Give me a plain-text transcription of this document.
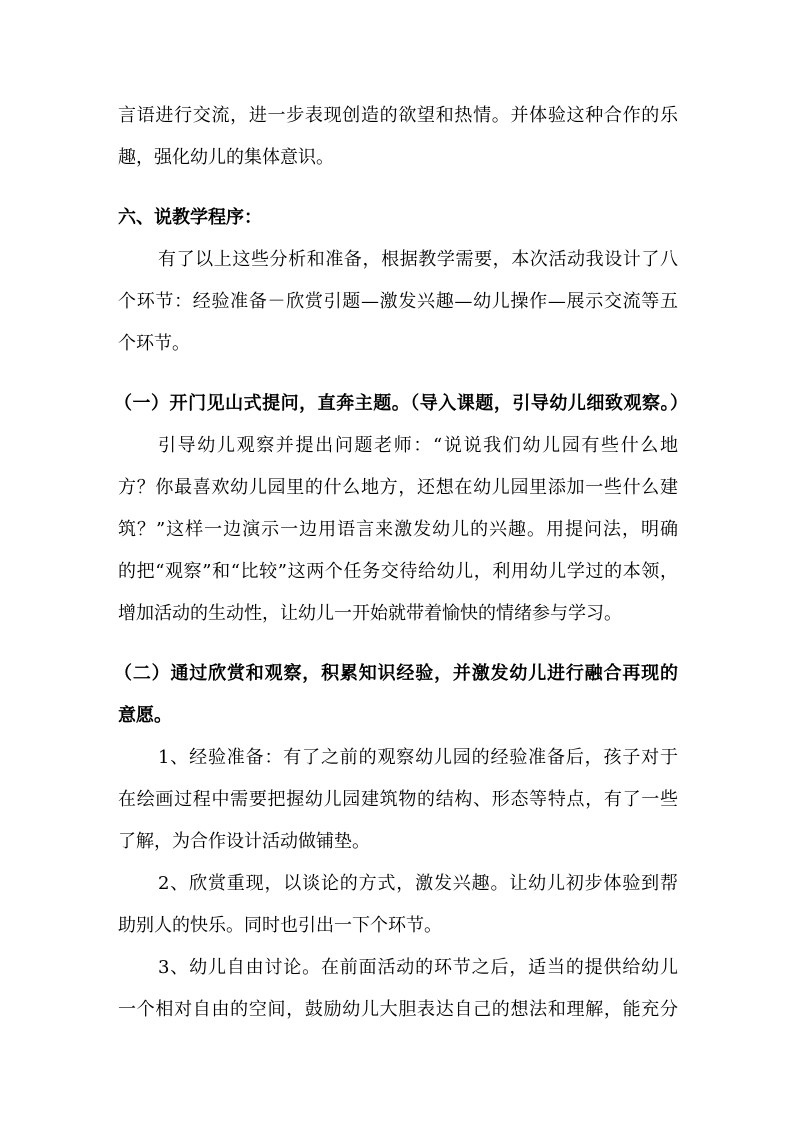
言语进行交流，进一步表现创造的欲望和热情。并体验这种合作的乐
趣，强化幼儿的集体意识。
六、说教学程序：
有了以上这些分析和准备，根据教学需要，本次活动我设计了八
个环节：经验准备－欣赏引题—激发兴趣—幼儿操作—展示交流等五
个环节。
（一）开门见山式提问，直奔主题。（导入课题，引导幼儿细致观察。）
引导幼儿观察并提出问题老师：“说说我们幼儿园有些什么地
方？你最喜欢幼儿园里的什么地方，还想在幼儿园里添加一些什么建
筑？”这样一边演示一边用语言来激发幼儿的兴趣。用提问法，明确
的把“观察”和“比较”这两个任务交待给幼儿，利用幼儿学过的本领，
增加活动的生动性，让幼儿一开始就带着愉快的情绪参与学习。
（二）通过欣赏和观察，积累知识经验，并激发幼儿进行融合再现的
意愿。
1、经验准备：有了之前的观察幼儿园的经验准备后，孩子对于
在绘画过程中需要把握幼儿园建筑物的结构、形态等特点，有了一些
了解，为合作设计活动做铺垫。
2、欣赏重现，以谈论的方式，激发兴趣。让幼儿初步体验到帮
助别人的快乐。同时也引出一下个环节。
3、幼儿自由讨论。在前面活动的环节之后，适当的提供给幼儿
一个相对自由的空间，鼓励幼儿大胆表达自己的想法和理解，能充分
